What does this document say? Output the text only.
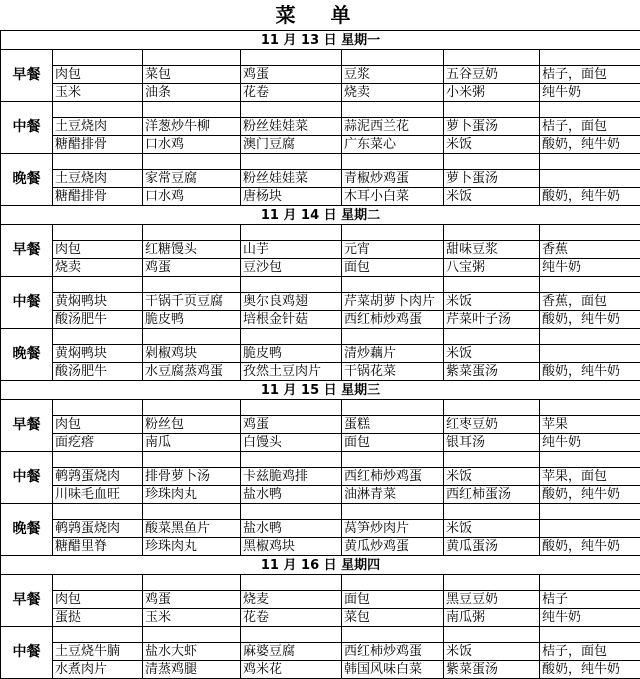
菜 单
11 月 13 日 星期一						
早餐						
	肉包	菜包	鸡蛋	豆浆	五谷豆奶	桔子，面包
	玉米	油条	花卷	烧卖	小米粥	纯牛奶
中餐						
	土豆烧肉	洋葱炒牛柳	粉丝娃娃菜	蒜泥西兰花	萝卜蛋汤	桔子，面包
	糖醋排骨	口水鸡	澳门豆腐	广东菜心	米饭	酸奶，纯牛奶
晚餐						
	土豆烧肉	家常豆腐	粉丝娃娃菜	青椒炒鸡蛋	萝卜蛋汤	
	糖醋排骨	口水鸡	唐杨块	木耳小白菜	米饭	酸奶，纯牛奶
11 月 14 日 星期二						
早餐						
	肉包	红糖馒头	山芋	元宵	甜味豆浆	香蕉
	烧卖	鸡蛋	豆沙包	面包	八宝粥	纯牛奶
中餐						
	黄焖鸭块	干锅千页豆腐	奥尔良鸡翅	芹菜胡萝卜肉片	米饭	香蕉，面包
	酸汤肥牛	脆皮鸭	培根金针菇	西红柿炒鸡蛋	芹菜叶子汤	酸奶，纯牛奶
晚餐						
	黄焖鸭块	剁椒鸡块	脆皮鸭	清炒藕片	米饭	
	酸汤肥牛	水豆腐蒸鸡蛋	孜然土豆肉片	干锅花菜	紫菜蛋汤	酸奶，纯牛奶
11 月 15 日 星期三						
早餐						
	肉包	粉丝包	鸡蛋	蛋糕	红枣豆奶	苹果
	面疙瘩	南瓜	白馒头	面包	银耳汤	纯牛奶
中餐						
	鹌鹑蛋烧肉	排骨萝卜汤	卡兹脆鸡排	西红柿炒鸡蛋	米饭	苹果，面包
	川味毛血旺	珍珠肉丸	盐水鸭	油淋青菜	西红柿蛋汤	酸奶，纯牛奶
晚餐						
	鹌鹑蛋烧肉	酸菜黑鱼片	盐水鸭	莴笋炒肉片	米饭	
	糖醋里脊	珍珠肉丸	黑椒鸡块	黄瓜炒鸡蛋	黄瓜蛋汤	酸奶，纯牛奶
11 月 16 日 星期四						
早餐						
	肉包	鸡蛋	烧麦	面包	黑豆豆奶	桔子
	蛋挞	玉米	花卷	菜包	南瓜粥	纯牛奶
中餐						
	土豆烧牛腩	盐水大虾	麻婆豆腐	西红柿炒鸡蛋	米饭	桔子，面包
	水煮肉片	清蒸鸡腿	鸡米花	韩国风味白菜	紫菜蛋汤	酸奶，纯牛奶
